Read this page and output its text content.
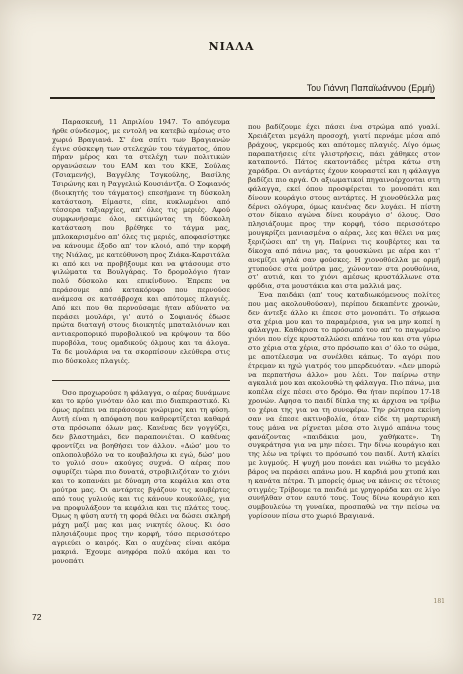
ΝΙΑΛΑ
Του Γιάννη Παπαϊωάννου (Ερμή)

Παρασκευή, 11 Απριλίου 1947. Το απόγευμα ήρθε σύνδεσμος, με εντολή να κατεβώ αμέσως στο χωριό Βραγιανά. Σ' ένα σπίτι των Βραγιανών έγινε σύσκεψη των στελεχών του τάγματος, όπου πήραν μέρος και τα στελέχη των πολιτικών οργανώσεων του ΕΑΜ και του ΚΚΕ, Σούλας (Τσιαμενής), Βαγγέλης Τσγκούλης, Βασίλης Τσιρώνης και η Ραγγελιώ Κουσιάντζα. Ο Σοφιανός (διοικητής του τάγματος) επεσήμανε τη δύσκολη κατάσταση. Είμαστε, είπε, κυκλωμένοι από τέσσερα ταξιαρχίες, απ' όλες τις μεριές. Αφού συμφωνήσαμε όλοι, εκτιμώντας τη δύσκολη κατάσταση που βρέθηκε το τάγμα μας, μπλοκαρισμένο απ' όλες τις μεριές, αποφασίστηκε να κάνουμε έξοδο απ' τον κλοιό, από την κορφή της Νιάλας, με κατεύθυνση προς Ζιάκα-Καρσιτάλα κι από κει να προβήξουμε και να φτάσουμε στο ψιλώματα τα Βουλγάρας. Το δρομολόγιο ήταν πολύ δύσκολο και επικίνδυνο. Έπρεπε να περάσουμε από κατακόρυφο που περνούσε ανάμεσα σε κατσάβροχα και απότομες πλαγιές. Από κει που θα περνούσαμε ήταν αδύνατο να περάσει μουλάρι, γι' αυτό ο Σοφιανός έδωσε πρώτα διαταγή στους διοικητές μπαταλιόνων και αντιαεροπορικό πυροβολικού να κρύψουν τα δύο πυροβόλα, τους ομαδικούς όλμους και τα άλογα. Τα δε μουλάρια να τα σκορπίσουν ελεύθερα στις πιο δύσκολες πλαγιές.

Όσο προχωρούσε η φάλαγγα, ο αέρας δυνάμωνε και το κρύο γινόταν όλο και πιο διαπεραστικό. Κι όμως πρέπει να περάσουμε γνώριμος και τη φύση. Αυτή είναι η απόφαση που καθρεφτίζεται καθαρά στα πρόσωπα όλων μας. Κανένας δεν γογγύζει, δεν βλαστημάει, δεν παραπονιέται. Ο καθένας φροντίζει να βοηθήσει τον άλλον. «Δώσ' μου το οπλοπολυβόλο να το κουβαλήσω κι εγώ, δώσ' μου το γυλιό σου» ακούγες συχνά. Ο αέρας που σφυρίζει τώρα πιο δυνατά, στροβιλιζόταν το χιόνι και το κοπανάει με δύναμη στα κεφάλια και στα μούτρα μας. Οι αντάρτες βγάζουν τις κουβέρτες από τους γυλιούς και τις κάνουν κουκούλες, για να προφυλάξουν τα κεφάλια και τις πλάτες τους. Όμως η φύση αυτή τη φορά θέλει να δώσει σκληρή μάχη μαζί μας και μας νικητές όλους. Κι όσο πλησιάζουμε προς την κορφή, τόσο περισσότερο αγριεύει ο καιρός. Και ο αυχένας είναι ακόμα μακριά. Έχουμε ανηφόρα πολύ ακόμα και το μονοπάτι

που βαδίζουμε έχει πάσει ένα στρώμα από γυαλί. Χρειάζεται μεγάλη προσοχή, γιατί περνάμε μέσα από βράχους, γκρεμούς και απότομες πλαγιές. Λίγο όμως παραπατήσεις είτε γλιστρήσεις, πάει χάθηκες στον καταποντό. Πάτος εκατοντάδες μέτρα κάτω στη χαράδρα. Οι αντάρτες έχουν κουραστεί και η φάλαγγα βαδίζει πιο αργά. Οι αξιωματικοί πηγαινοέρχονται στη φάλαγγα, εκεί όπου προσφέρεται το μονοπάτι και δίνουν κουράγιο στους αντάρτες. Η χιονοθύελλα μας δέρνει ολόγυρα, όμως κανένας δεν λυγάει. Η πίστη στον δίκαιο αγώνα δίνει κουράγιο σ' όλους. Όσο πλησιάζουμε προς την κορφή, τόσο περισσότερο μουγκρίζει μανιασμένα ο αέρας, λες και θέλει να μας ξεριζώσει απ' τη γη. Παίρνει τις κουβέρτες και τα δίκοχα από πάνω μας, τα φουσκώνει με αέρα και τ' ανεμίζει ψηλά σαν φούσκες. Η χιονοθύελλα με ορμή χτυπούσε στα μούτρα μας, χώνονταν στα ρουθούνια, στ' αυτιά, και το χιόνι αμέσως κρυστάλλωνε στα φρύδια, στα μουστάκια και στα μαλλιά μας.

Ένα παιδάκι (απ' τους καταδιωκόμενους πολίτες που μας ακολουθούσαν), περίπου δεκαπέντε χρονών, δεν άντεξε άλλο κι έπεσε στο μονοπάτι. Το σήκωσα στα χέρια μου και το παραμέρισα, για να μην κοπεί η φάλαγγα. Καθάρισα το πρόσωπό του απ' το παγωμένο χιόνι που είχε κρυσταλλώσει απάνω του και στα γύρω στο χέρια στα χέρια, στο πρόσωπο και σ' όλο το σώμα, με αποτέλεσμα να συνέλθει κάπως. Το αγόρι που έτρεμαν κι ηχώ γιατρός του μπερδευόταν. «Δεν μπορώ να περπατήσω άλλο» μου λέει. Τον παίρνω στην αγκαλιά μου και ακολουθώ τη φάλαγγα. Πιο πάνω, μια κοπέλα είχε πέσει στο δρόμο. Θα ήταν περίπου 17-18 χρονών. Αφησα το παιδί δίπλα της κι άρχισα να τρίβω το χέρια της για να τη συνεφέρω. Την ρώτησα εκείνη σαν να έπεσε ακτινοβολία, όταν είδε τη μαρτυρική τους μάνα να ρίχνεται μέσα στο λιγμό απάνω τους φανάζοντας «παιδάκια μου, χαθήκατε». Τη συγκράτησα για να μην πέσει. Την δίνω κουράγιο και της λέω να τρίψει το πρόσωπό του παιδί. Αυτή κλαίει με λυγμούς. Η ψυχή μου πονάει και νιώθω το μεγάλο βάρος να περάσει απάνω μου. Η καρδιά μου χτυπά και η κανάτα πέτρα. Τι μπορείς όμως να κάνεις σε τέτοιες στιγμές; Τρίβουμε τα παιδιά με γρηγοράδα και σε λίγο συνήλθαν στον εαυτό τους. Τους δίνω κουράγιο και συμβουλεύω τη γυναίκα, προσπαθώ να την πείσω να γυρίσουν πίσω στο χωριό Βραγιανά.

72
181
